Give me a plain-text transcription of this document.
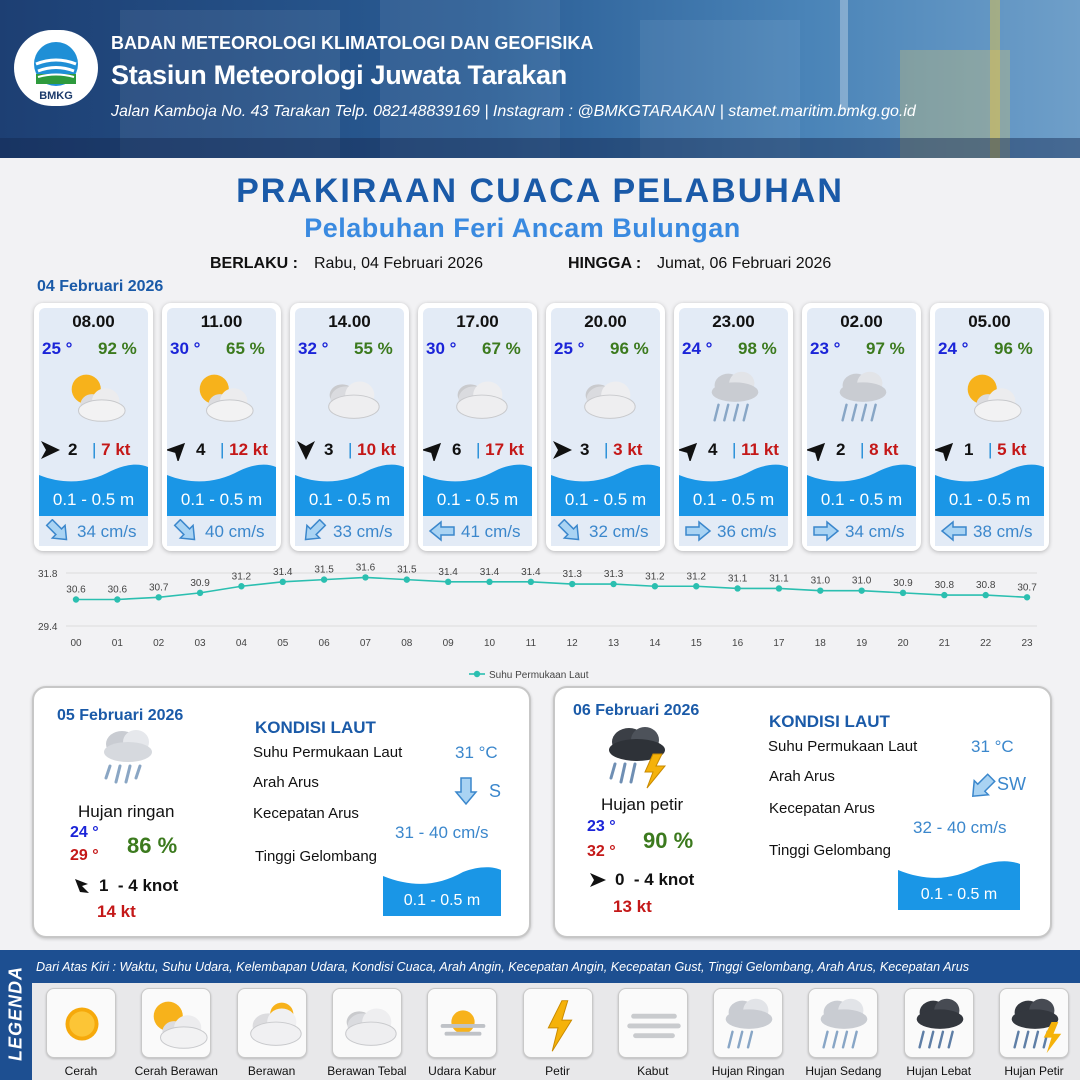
BMKG
BADAN METEOROLOGI KLIMATOLOGI DAN GEOFISIKA
Stasiun Meteorologi Juwata Tarakan
Jalan Kamboja No. 43 Tarakan Telp. 082148839169 | Instagram : @BMKGTARAKAN | stamet.maritim.bmkg.go.id
PRAKIRAAN CUACA PELABUHAN
Pelabuhan Feri Ancam Bulungan
BERLAKU : Rabu, 04 Februari 2026	HINGGA : Jumat, 06 Februari 2026
04 Februari 2026
08.00
25 ° 92 %
2 | 7 kt
0.1 - 0.5 m
34 cm/s
11.00
30 ° 65 %
4 | 12 kt
0.1 - 0.5 m
40 cm/s
14.00
32 ° 55 %
3 | 10 kt
0.1 - 0.5 m
33 cm/s
17.00
30 ° 67 %
6 | 17 kt
0.1 - 0.5 m
41 cm/s
20.00
25 ° 96 %
3 | 3 kt
0.1 - 0.5 m
32 cm/s
23.00
24 ° 98 %
4 | 11 kt
0.1 - 0.5 m
36 cm/s
02.00
23 ° 97 %
2 | 8 kt
0.1 - 0.5 m
34 cm/s
05.00
24 ° 96 %
1 | 5 kt
0.1 - 0.5 m
38 cm/s
31.8
29.4
30.6
00
30.6
01
30.7
02
30.9
03
31.2
04
31.4
05
31.5
06
31.6
07
31.5
08
31.4
09
31.4
10
31.4
11
31.3
12
31.3
13
31.2
14
31.2
15
31.1
16
31.1
17
31.0
18
31.0
19
30.9
20
30.8
21
30.8
22
30.7
23
Suhu Permukaan Laut
05 Februari 2026
Hujan ringan
24 °
29 ° 86 %
1  - 4 knot
14 kt
KONDISI LAUT
Suhu Permukaan Laut	31 °C
Arah Arus	S
Kecepatan Arus
31 - 40 cm/s
Tinggi Gelombang
0.1 - 0.5 m
06 Februari 2026
Hujan petir
23 °
32 ° 90 %
0  - 4 knot
13 kt
KONDISI LAUT
Suhu Permukaan Laut	31 °C
Arah Arus	SW
Kecepatan Arus
32 - 40 cm/s
Tinggi Gelombang
0.1 - 0.5 m
LEGENDA Dari Atas Kiri : Waktu, Suhu Udara, Kelembapan Udara, Kondisi Cuaca, Arah Angin, Kecepatan Angin, Kecepatan Gust, Tinggi Gelombang, Arah Arus, Kecepatan Arus
Cerah	Cerah Berawan	Berawan	Berawan Tebal	Udara Kabur	Petir	Kabut	Hujan Ringan	Hujan Sedang	Hujan Lebat	Hujan Petir
